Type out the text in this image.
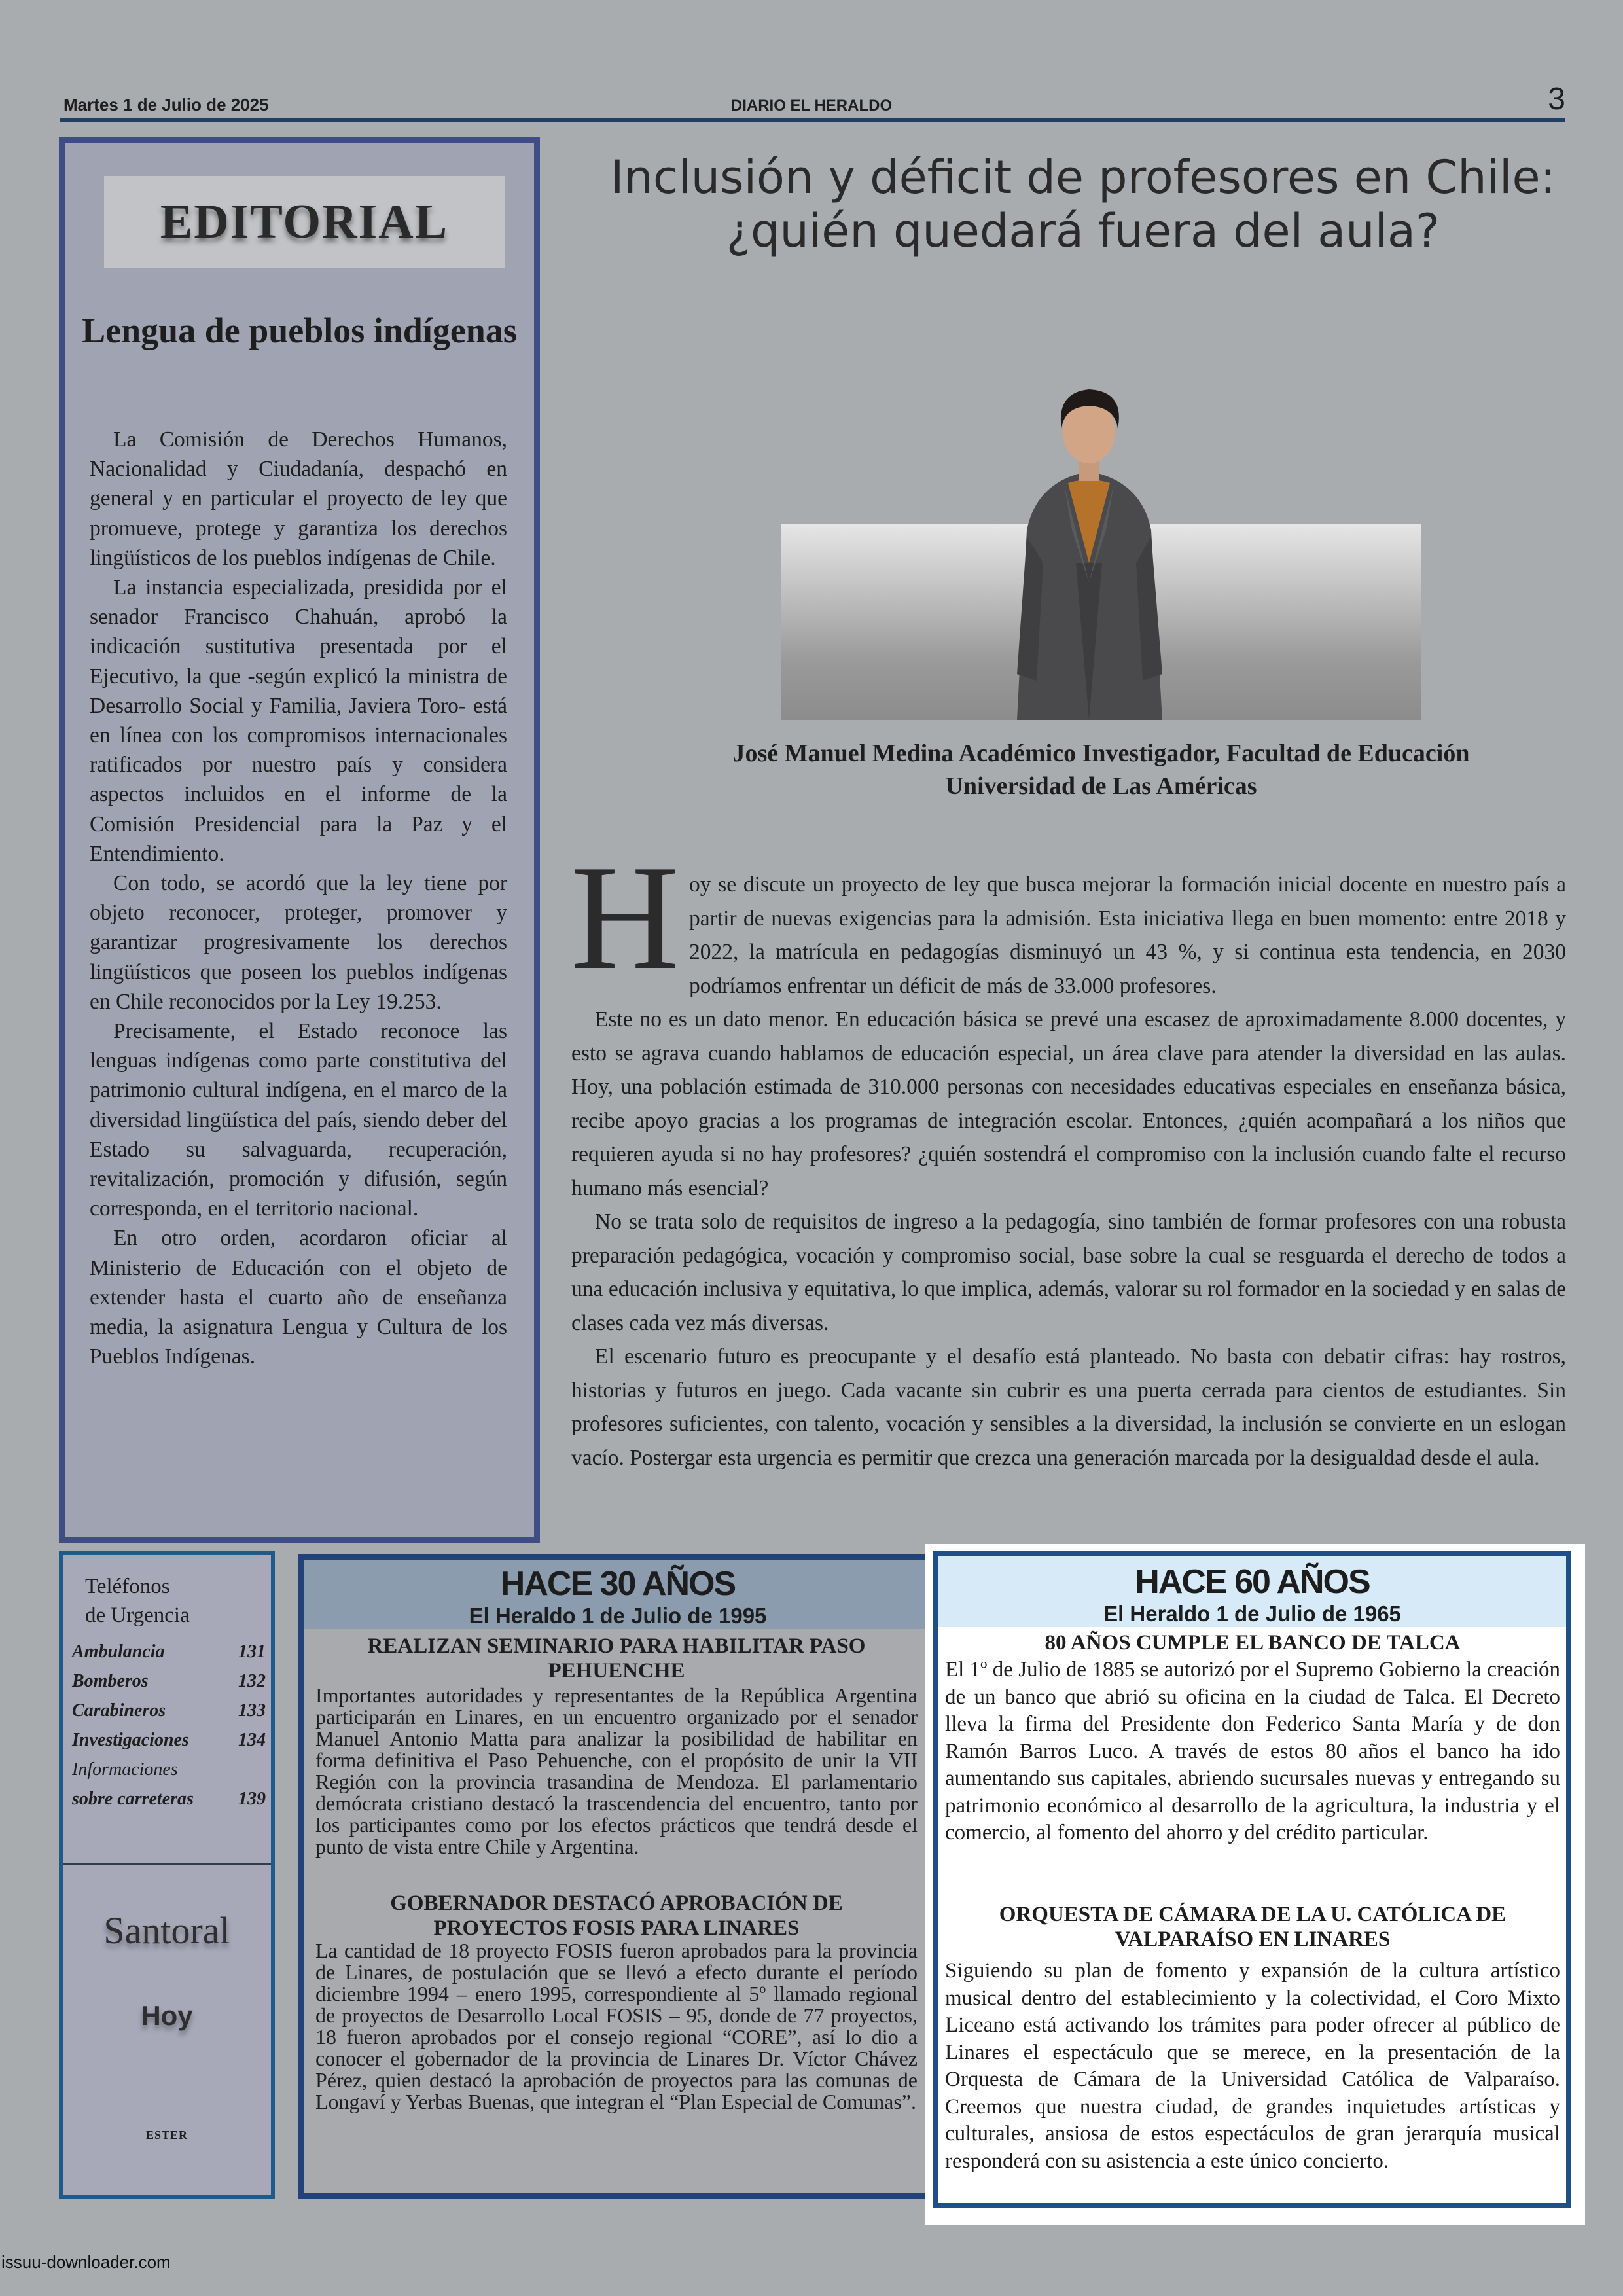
Martes 1 de Julio de 2025	DIARIO EL HERALDO	3
EDITORIAL
Lengua de pueblos indígenas

La Comisión de Derechos Humanos, Nacionalidad y Ciudadanía, despachó en general y en particular el proyecto de ley que promueve, protege y garantiza los derechos lingüísticos de los pueblos indígenas de Chile.

La instancia especializada, presidida por el senador Francisco Chahuán, aprobó la indicación sustitutiva presentada por el Ejecutivo, la que -según explicó la ministra de Desarrollo Social y Familia, Javiera Toro- está en línea con los compromisos internacionales ratificados por nuestro país y considera aspectos incluidos en el informe de la Comisión Presidencial para la Paz y el Entendimiento.

Con todo, se acordó que la ley tiene por objeto reconocer, proteger, promover y garantizar progresivamente los derechos lingüísticos que poseen los pueblos indígenas en Chile reconocidos por la Ley 19.253.

Precisamente, el Estado reconoce las lenguas indígenas como parte constitutiva del patrimonio cultural indígena, en el marco de la diversidad lingüística del país, siendo deber del Estado su salvaguarda, recuperación, revitalización, promoción y difusión, según corresponda, en el territorio nacional.

En otro orden, acordaron oficiar al Ministerio de Educación con el objeto de extender hasta el cuarto año de enseñanza media, la asignatura Lengua y Cultura de los Pueblos Indígenas.

Inclusión y déficit de profesores en Chile: ¿quién quedará fuera del aula?
José Manuel Medina Académico Investigador, Facultad de Educación Universidad de Las Américas
H oy se discute un proyecto de ley que busca mejorar la formación inicial docente en nuestro país a partir de nuevas exigencias para la admisión. Esta iniciativa llega en buen momento: entre 2018 y 2022, la matrícula en pedagogías disminuyó un 43 %, y si continua esta tendencia, en 2030 podríamos enfrentar un déficit de más de 33.000 profesores.

Este no es un dato menor. En educación básica se prevé una escasez de aproximadamente 8.000 docentes, y esto se agrava cuando hablamos de educación especial, un área clave para atender la diversidad en las aulas. Hoy, una población estimada de 310.000 personas con necesidades educativas especiales en enseñanza básica, recibe apoyo gracias a los programas de integración escolar. Entonces, ¿quién acompañará a los niños que requieren ayuda si no hay profesores? ¿quién sostendrá el compromiso con la inclusión cuando falte el recurso humano más esencial?

No se trata solo de requisitos de ingreso a la pedagogía, sino también de formar profesores con una robusta preparación pedagógica, vocación y compromiso social, base sobre la cual se resguarda el derecho de todos a una educación inclusiva y equitativa, lo que implica, además, valorar su rol formador en la sociedad y en salas de clases cada vez más diversas.

El escenario futuro es preocupante y el desafío está planteado. No basta con debatir cifras: hay rostros, historias y futuros en juego. Cada vacante sin cubrir es una puerta cerrada para cientos de estudiantes. Sin profesores suficientes, con talento, vocación y sensibles a la diversidad, la inclusión se convierte en un eslogan vacío. Postergar esta urgencia es permitir que crezca una generación marcada por la desigualdad desde el aula.

Teléfonos
de Urgencia
Ambulancia	131
Bomberos	132
Carabineros	133
Investigaciones	134
Informaciones
sobre carreteras 139
Santoral
Hoy
ESTER
HACE 30 AÑOS
El Heraldo 1 de Julio de 1995
REALIZAN SEMINARIO PARA HABILITAR PASO PEHUENCHE
Importantes autoridades y representantes de la República Argentina participarán en Linares, en un encuentro organizado por el senador Manuel Antonio Matta para analizar la posibilidad de habilitar en forma definitiva el Paso Pehuenche, con el propósito de unir la VII Región con la provincia trasandina de Mendoza. El parlamentario demócrata cristiano destacó la trascendencia del encuentro, tanto por los participantes como por los efectos prácticos que tendrá desde el punto de vista entre Chile y Argentina.
GOBERNADOR DESTACÓ APROBACIÓN DE PROYECTOS FOSIS PARA LINARES
La cantidad de 18 proyecto FOSIS fueron aprobados para la provincia de Linares, de postulación que se llevó a efecto durante el período diciembre 1994 – enero 1995, correspondiente al 5º llamado regional de proyectos de Desarrollo Local FOSIS – 95, donde de 77 proyectos, 18 fueron aprobados por el consejo regional “CORE”, así lo dio a conocer el gobernador de la provincia de Linares Dr. Víctor Chávez Pérez, quien destacó la aprobación de proyectos para las comunas de Longaví y Yerbas Buenas, que integran el “Plan Especial de Comunas”.
HACE 60 AÑOS
El Heraldo 1 de Julio de 1965
80 AÑOS CUMPLE EL BANCO DE TALCA
El 1º de Julio de 1885 se autorizó por el Supremo Gobierno la creación de un banco que abrió su oficina en la ciudad de Talca. El Decreto lleva la firma del Presidente don Federico Santa María y de don Ramón Barros Luco. A través de estos 80 años el banco ha ido aumentando sus capitales, abriendo sucursales nuevas y entregando su patrimonio económico al desarrollo de la agricultura, la industria y el comercio, al fomento del ahorro y del crédito particular.
ORQUESTA DE CÁMARA DE LA U. CATÓLICA DE VALPARAÍSO EN LINARES
Siguiendo su plan de fomento y expansión de la cultura artístico musical dentro del establecimiento y la colectividad, el Coro Mixto Liceano está activando los trámites para poder ofrecer al público de Linares el espectáculo que se merece, en la presentación de la Orquesta de Cámara de la Universidad Católica de Valparaíso. Creemos que nuestra ciudad, de grandes inquietudes artísticas y culturales, ansiosa de estos espectáculos de gran jerarquía musical responderá con su asistencia a este único concierto.
issuu-downloader.com
